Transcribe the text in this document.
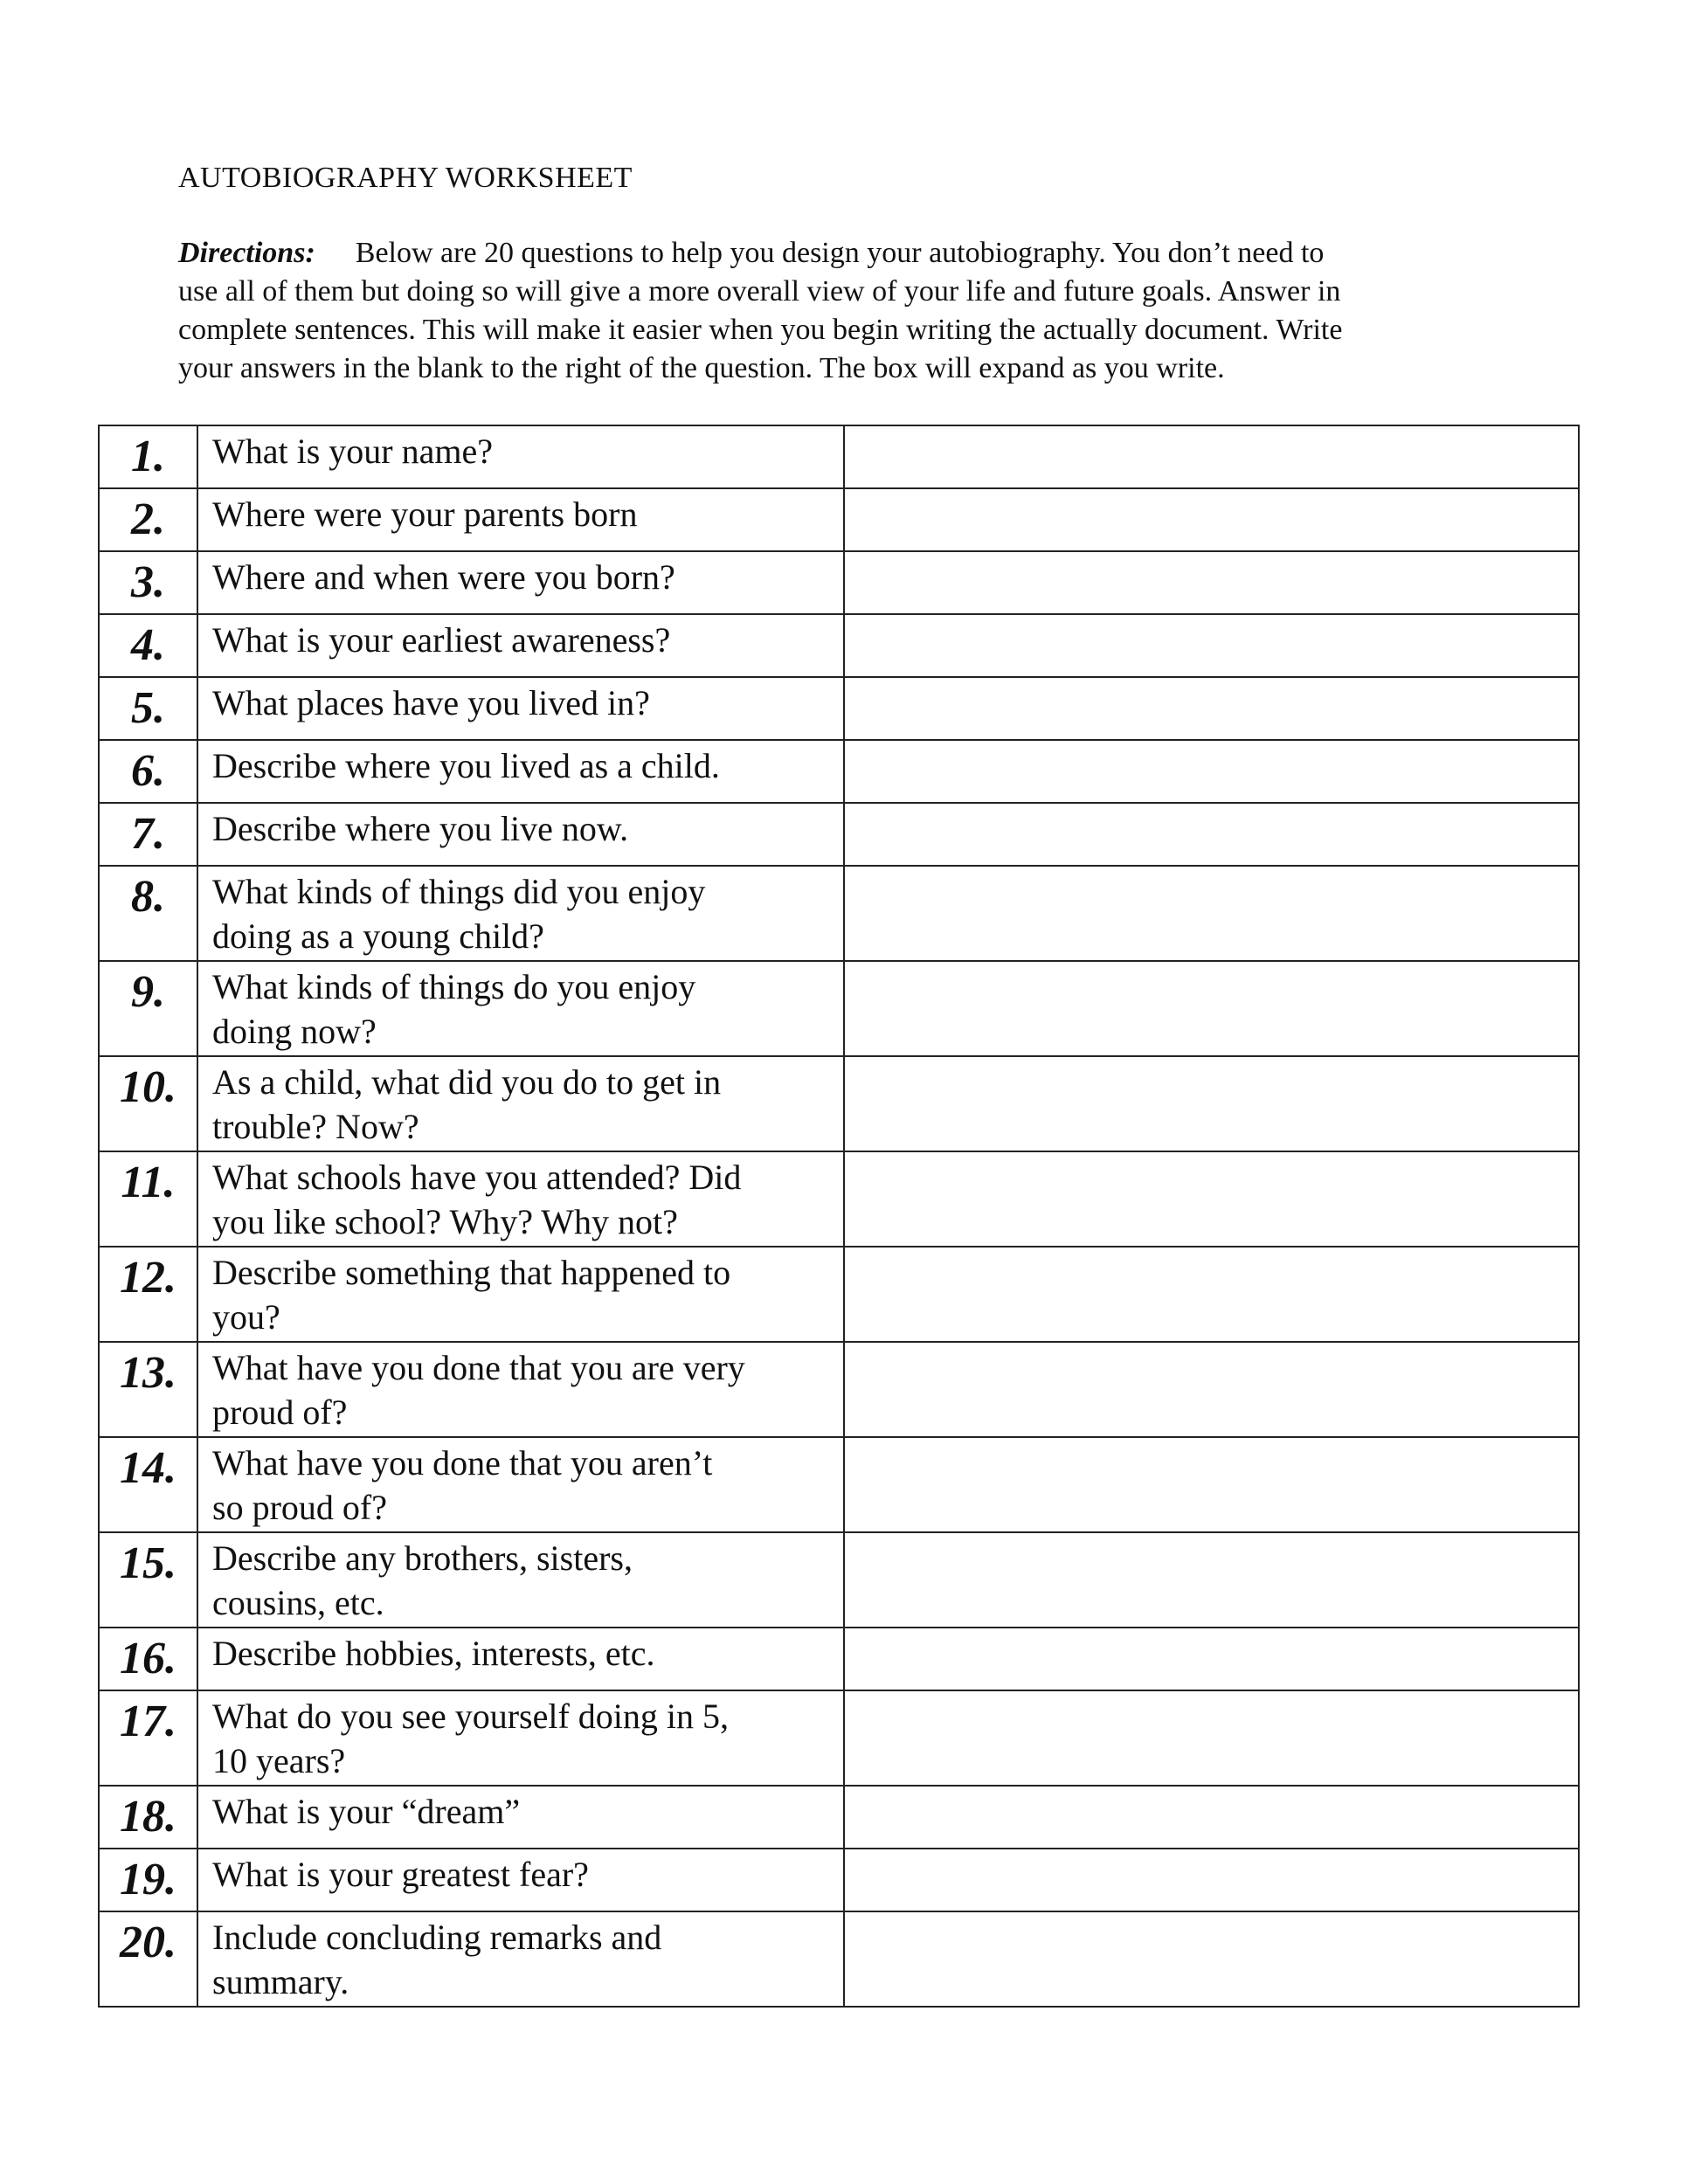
AUTOBIOGRAPHY WORKSHEET
Directions: Below are 20 questions to help you design your autobiography. You don’t need to
use all of them but doing so will give a more overall view of your life and future goals. Answer in
complete sentences. This will make it easier when you begin writing the actually document. Write
your answers in the blank to the right of the question. The box will expand as you write.
1.	What is your name?	

2.	Where were your parents born	

3.	Where and when were you born?	

4.	What is your earliest awareness?	

5.	What places have you lived in?	

6.	Describe where you lived as a child.	

7.	Describe where you live now.	

8.	What kinds of things did you enjoy
doing as a young child?	

9.	What kinds of things do you enjoy
doing now?	

10.	As a child, what did you do to get in
trouble? Now?	

11.	What schools have you attended? Did
you like school? Why? Why not?	

12.	Describe something that happened to
you?	

13.	What have you done that you are very
proud of?	

14.	What have you done that you aren’t
so proud of?	

15.	Describe any brothers, sisters,
cousins, etc.	

16.	Describe hobbies, interests, etc.	

17.	What do you see yourself doing in 5,
10 years?	

18.	What is your “dream”	

19.	What is your greatest fear?	

20.	Include concluding remarks and
summary.	
